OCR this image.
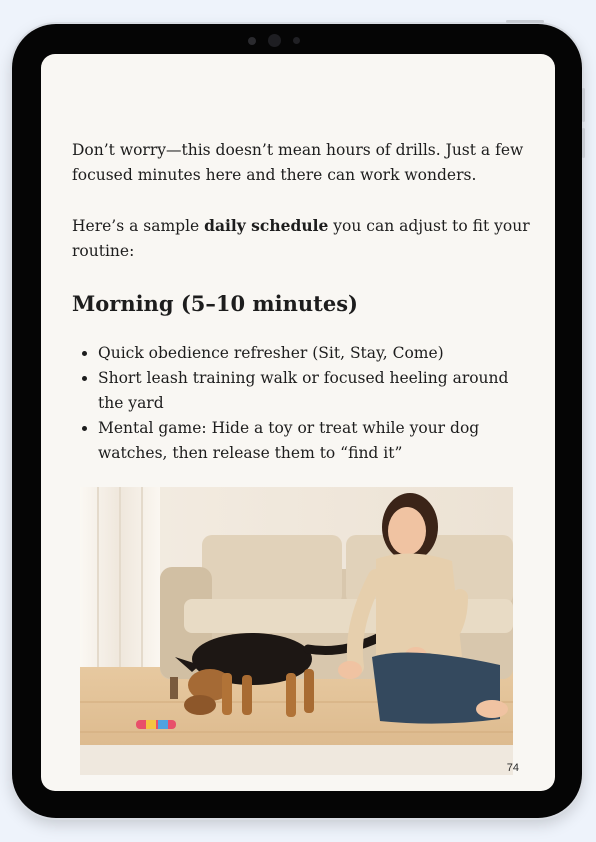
Don’t worry—this doesn’t mean hours of drills. Just a few focused minutes here and there can work wonders.

Here’s a sample daily schedule you can adjust to fit your routine:

Morning (5–10 minutes)
• Quick obedience refresher (Sit, Stay, Come)
• Short leash training walk or focused heeling around the yard
• Mental game: Hide a toy or treat while your dog watches, then release them to “find it”
74
